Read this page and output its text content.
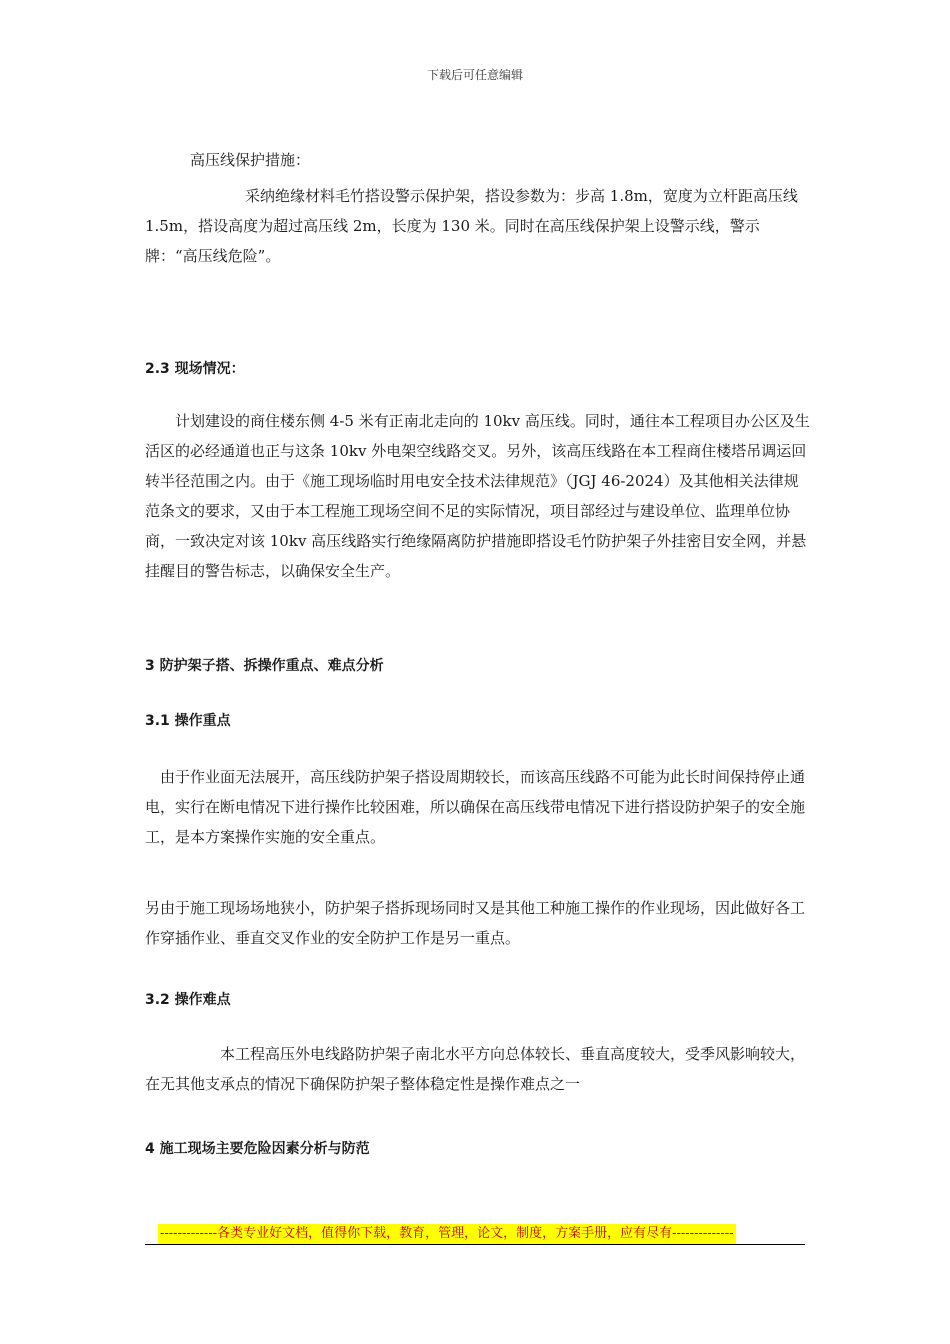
下载后可任意编辑

高压线保护措施：

采纳绝缘材料毛竹搭设警示保护架，搭设参数为：步高 1.8m，宽度为立杆距高压线 1.5m，搭设高度为超过高压线 2m，长度为 130 米。同时在高压线保护架上设警示线，警示牌：“高压线危险”。

2.3 现场情况：

计划建设的商住楼东侧 4-5 米有正南北走向的 10kv 高压线。同时，通往本工程项目办公区及生活区的必经通道也正与这条 10kv 外电架空线路交叉。另外，该高压线路在本工程商住楼塔吊调运回转半径范围之内。由于《施工现场临时用电安全技术法律规范》（JGJ 46-2024）及其他相关法律规范条文的要求，又由于本工程施工现场空间不足的实际情况，项目部经过与建设单位、监理单位协商，一致决定对该 10kv 高压线路实行绝缘隔离防护措施即搭设毛竹防护架子外挂密目安全网，并悬挂醒目的警告标志，以确保安全生产。

3 防护架子搭、拆操作重点、难点分析

3.1 操作重点

由于作业面无法展开，高压线防护架子搭设周期较长，而该高压线路不可能为此长时间保持停止通电，实行在断电情况下进行操作比较困难，所以确保在高压线带电情况下进行搭设防护架子的安全施工，是本方案操作实施的安全重点。

另由于施工现场场地狭小，防护架子搭拆现场同时又是其他工种施工操作的作业现场，因此做好各工作穿插作业、垂直交叉作业的安全防护工作是另一重点。

3.2 操作难点

本工程高压外电线路防护架子南北水平方向总体较长、垂直高度较大，受季风影响较大，在无其他支承点的情况下确保防护架子整体稳定性是操作难点之一

4 施工现场主要危险因素分析与防范

-------------各类专业好文档，值得你下载，教育，管理，论文，制度，方案手册，应有尽有--------------
